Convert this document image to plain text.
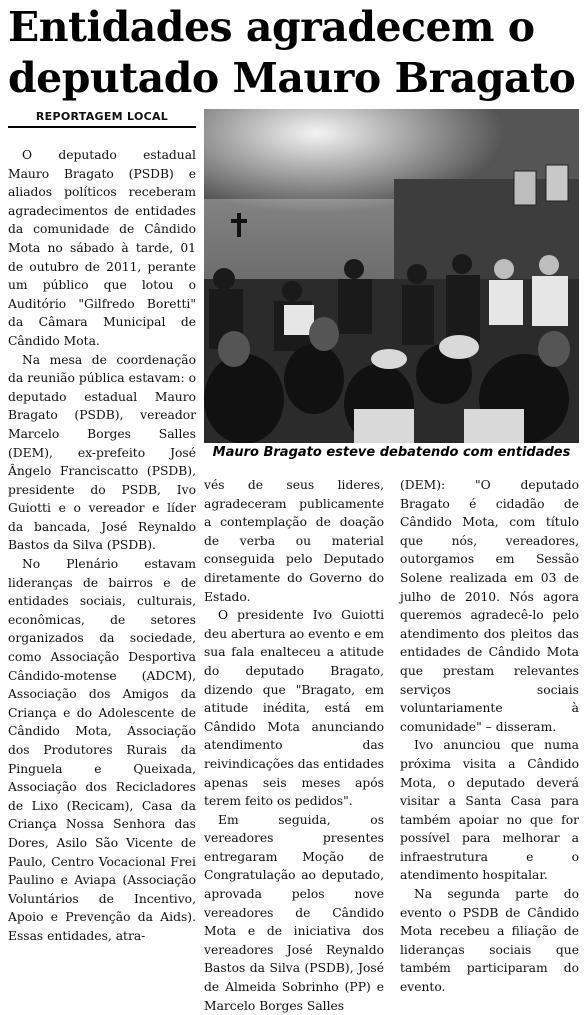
Entidades agradecem o deputado Mauro Bragato
REPORTAGEM LOCAL
Mauro Bragato esteve debatendo com entidades

O deputado estadual Mauro Bragato (PSDB) e aliados políticos receberam agradecimentos de entidades da comunidade de Cândido Mota no sábado à tarde, 01 de outubro de 2011, perante um público que lotou o Auditório "Gilfredo Boretti" da Câmara Municipal de Cândido Mota.

Na mesa de coordenação da reunião pública estavam: o deputado estadual Mauro Bragato (PSDB), vereador Marcelo Borges Salles (DEM), ex-prefeito José Ângelo Franciscatto (PSDB), presidente do PSDB, Ivo Guiotti e o vereador e líder da bancada, José Reynaldo Bastos da Silva (PSDB).

No Plenário estavam lideranças de bairros e de entidades sociais, culturais, econômicas, de setores organizados da sociedade, como Associação Desportiva Cândido-motense (ADCM), Associação dos Amigos da Criança e do Adolescente de Cândido Mota, Associação dos Produtores Rurais da Pinguela e Queixada, Associação dos Recicladores de Lixo (Recicam), Casa da Criança Nossa Senhora das Dores, Asilo São Vicente de Paulo, Centro Vocacional Frei Paulino e Aviapa (Associação Voluntários de Incentivo, Apoio e Prevenção da Aids). Essas entidades, atra-

vés de seus lideres, agradeceram publicamente a contemplação de doação de verba ou material conseguida pelo Deputado diretamente do Governo do Estado.

O presidente Ivo Guiotti deu abertura ao evento e em sua fala enalteceu a atitude do deputado Bragato, dizendo que "Bragato, em atitude inédita, está em Cândido Mota anunciando atendimento das reivindicações das entidades apenas seis meses após terem feito os pedidos".

Em seguida, os vereadores presentes entregaram Moção de Congratulação ao deputado, aprovada pelos nove vereadores de Cândido Mota e de iniciativa dos vereadores José Reynaldo Bastos da Silva (PSDB), José de Almeida Sobrinho (PP) e Marcelo Borges Salles

(DEM): "O deputado Bragato é cidadão de Cândido Mota, com título que nós, vereadores, outorgamos em Sessão Solene realizada em 03 de julho de 2010. Nós agora queremos agradecê-lo pelo atendimento dos pleitos das entidades de Cândido Mota que prestam relevantes serviços sociais voluntariamente à comunidade" – disseram.

Ivo anunciou que numa próxima visita a Cândido Mota, o deputado deverá visitar a Santa Casa para também apoiar no que for possível para melhorar a infraestrutura e o atendimento hospitalar.

Na segunda parte do evento o PSDB de Cândido Mota recebeu a filiação de lideranças sociais que também participaram do evento.
